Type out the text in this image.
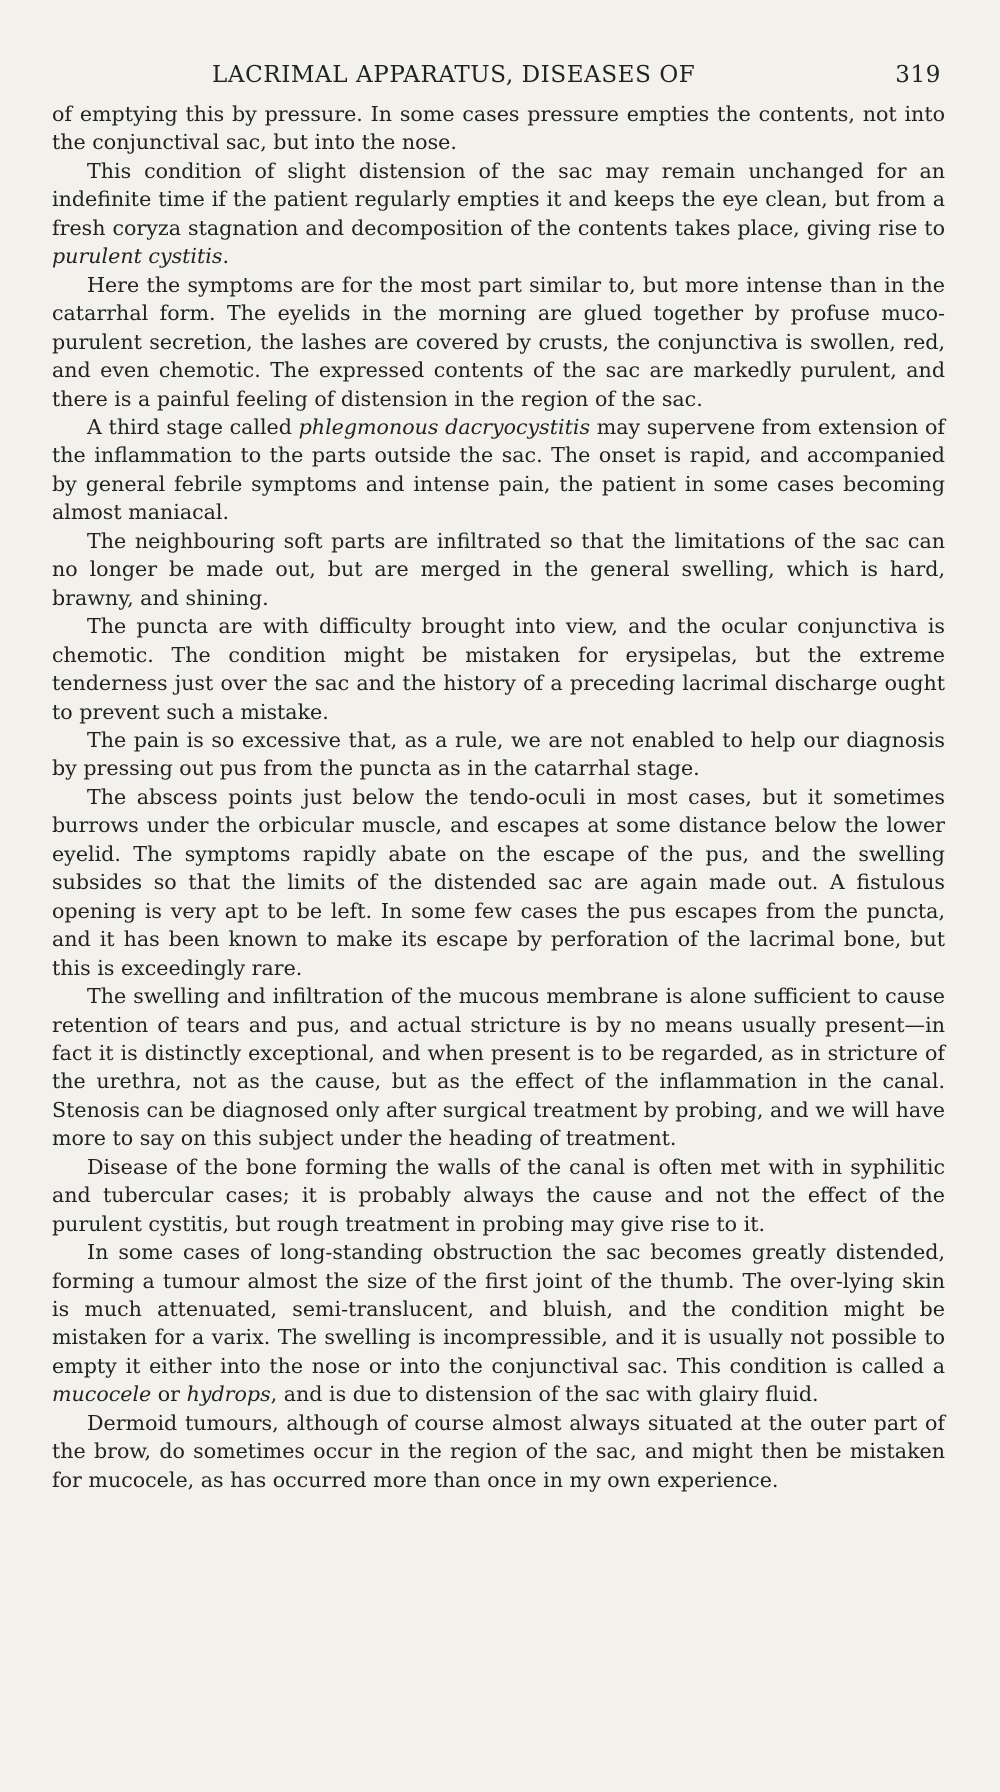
LACRIMAL APPARATUS, DISEASES OF	319

of emptying this by pressure. In some cases pressure empties the contents, not into the conjunctival sac, but into the nose.

This condition of slight distension of the sac may remain unchanged for an indefinite time if the patient regularly empties it and keeps the eye clean, but from a fresh coryza stagnation and decomposition of the contents takes place, giving rise to purulent cystitis.

Here the symptoms are for the most part similar to, but more intense than in the catarrhal form. The eyelids in the morning are glued together by profuse muco-purulent secretion, the lashes are covered by crusts, the conjunctiva is swollen, red, and even chemotic. The expressed contents of the sac are markedly purulent, and there is a painful feeling of distension in the region of the sac.

A third stage called phlegmonous dacryocystitis may supervene from extension of the inflammation to the parts outside the sac. The onset is rapid, and accompanied by general febrile symptoms and intense pain, the patient in some cases becoming almost maniacal.

The neighbouring soft parts are infiltrated so that the limitations of the sac can no longer be made out, but are merged in the general swelling, which is hard, brawny, and shining.

The puncta are with difficulty brought into view, and the ocular conjunctiva is chemotic. The condition might be mistaken for erysipelas, but the extreme tenderness just over the sac and the history of a preceding lacrimal discharge ought to prevent such a mistake.

The pain is so excessive that, as a rule, we are not enabled to help our diagnosis by pressing out pus from the puncta as in the catarrhal stage.

The abscess points just below the tendo-oculi in most cases, but it sometimes burrows under the orbicular muscle, and escapes at some distance below the lower eyelid. The symptoms rapidly abate on the escape of the pus, and the swelling subsides so that the limits of the distended sac are again made out. A fistulous opening is very apt to be left. In some few cases the pus escapes from the puncta, and it has been known to make its escape by perforation of the lacrimal bone, but this is exceedingly rare.

The swelling and infiltration of the mucous membrane is alone sufficient to cause retention of tears and pus, and actual stricture is by no means usually present—in fact it is distinctly exceptional, and when present is to be regarded, as in stricture of the urethra, not as the cause, but as the effect of the inflammation in the canal. Stenosis can be diagnosed only after surgical treatment by probing, and we will have more to say on this subject under the heading of treatment.

Disease of the bone forming the walls of the canal is often met with in syphilitic and tubercular cases; it is probably always the cause and not the effect of the purulent cystitis, but rough treatment in probing may give rise to it.

In some cases of long-standing obstruction the sac becomes greatly distended, forming a tumour almost the size of the first joint of the thumb. The over-lying skin is much attenuated, semi-translucent, and bluish, and the condition might be mistaken for a varix. The swelling is incompressible, and it is usually not possible to empty it either into the nose or into the conjunctival sac. This condition is called a mucocele or hydrops, and is due to distension of the sac with glairy fluid.

Dermoid tumours, although of course almost always situated at the outer part of the brow, do sometimes occur in the region of the sac, and might then be mistaken for mucocele, as has occurred more than once in my own experience.
